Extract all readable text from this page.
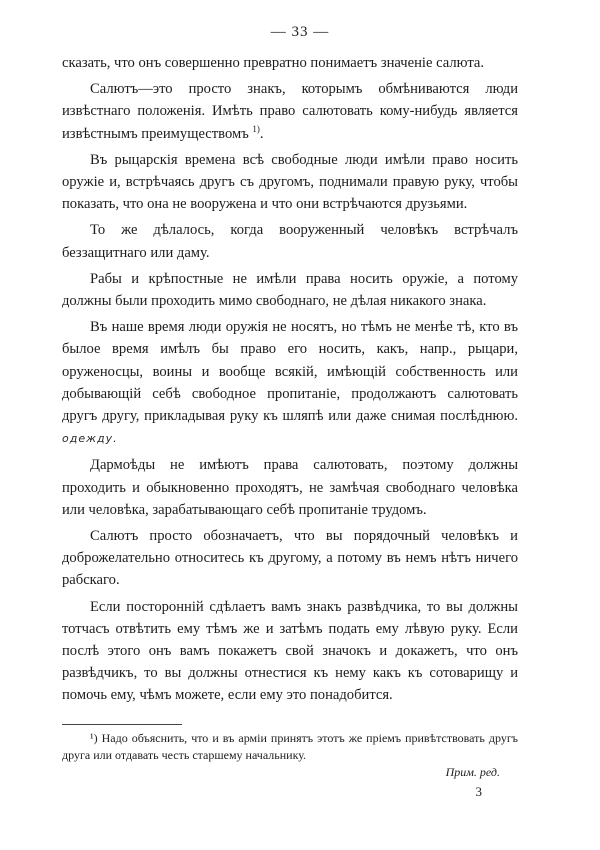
— 33 —

сказать, что онъ совершенно превратно понимаетъ значеніе салюта.

Салютъ—это просто знакъ, которымъ обмѣниваются люди извѣстнаго положенія. Имѣть право салютовать кому-нибудь является извѣстнымъ преимуществомъ $^{1)}$.

Въ рыцарскія времена всѣ свободные люди имѣли право носить оружіе и, встрѣчаясь другъ съ другомъ, поднимали правую руку, чтобы показать, что она не вооружена и что они встрѣчаются друзьями.

То же дѣлалось, когда вооруженный человѣкъ встрѣчалъ беззащитнаго или даму.

Рабы и крѣпостные не имѣли права носить оружіе, а потому должны были проходить мимо свободнаго, не дѣлая никакого знака.

Въ наше время люди оружія не носятъ, но тѣмъ не менѣе тѣ, кто въ былое время имѣлъ бы право его носить, какъ, напр., рыцари, оруженосцы, воины и вообще всякій, имѣющій собственность или добывающій себѣ свободное пропитаніе, продолжаютъ салютовать другъ другу, прикладывая руку къ шляпѣ или даже снимая послѣднюю. одежду.

Дармоѣды не имѣютъ права салютовать, поэтому должны проходить и обыкновенно проходятъ, не замѣчая свободнаго человѣка или человѣка, зарабатывающаго себѣ пропитаніе трудомъ.

Салютъ просто обозначаетъ, что вы порядочный человѣкъ и доброжелательно относитесь къ другому, а потому въ немъ нѣтъ ничего рабскаго.

Если посторонній сдѣлаетъ вамъ знакъ развѣдчика, то вы должны тотчасъ отвѣтить ему тѣмъ же и затѣмъ подать ему лѣвую руку. Если послѣ этого онъ вамъ покажетъ свой значокъ и докажетъ, что онъ развѣдчикъ, то вы должны отнестися къ нему какъ къ сотоварищу и помочь ему, чѣмъ можете, если ему это понадобится.

¹) Надо объяснить, что и въ арміи принятъ этотъ же пріемъ привѣтствовать другъ друга или отдавать честь старшему начальнику.

Прим. ред.
3
